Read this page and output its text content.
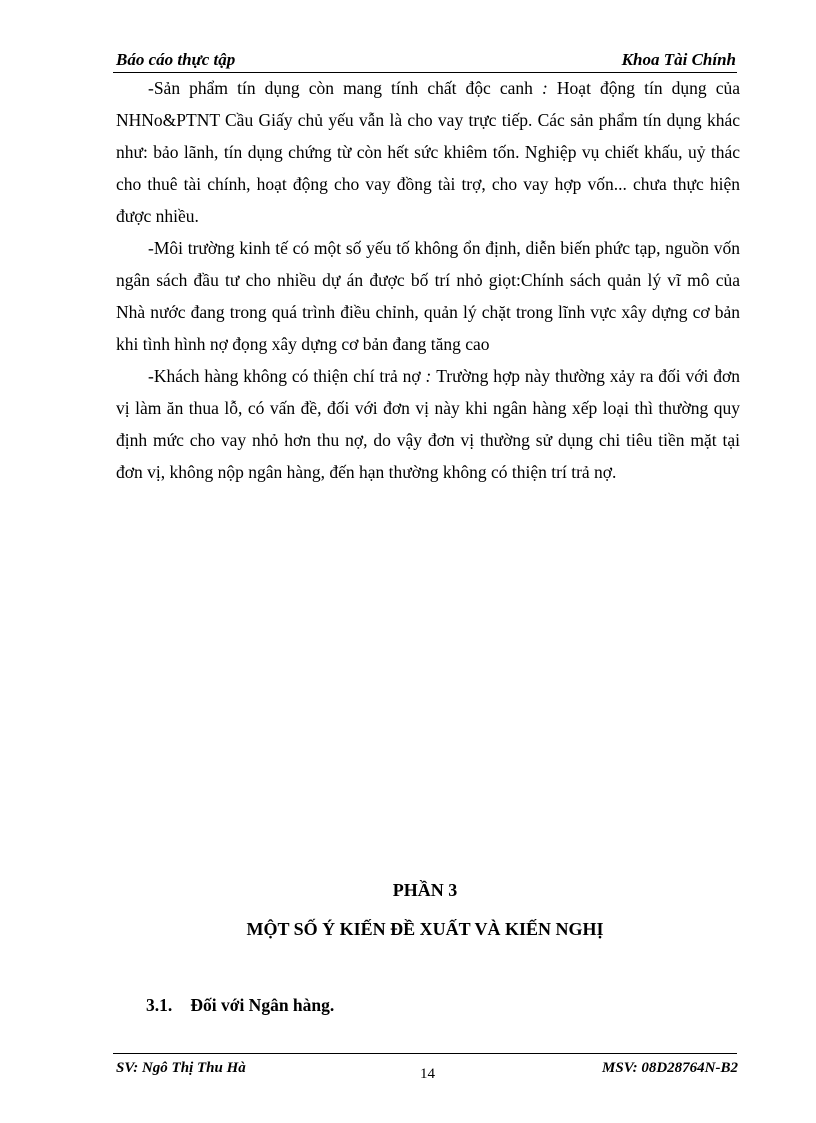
Báo cáo thực tập	Khoa Tài Chính

-Sản phẩm tín dụng còn mang tính chất độc canh : Hoạt động tín dụng của NHNo&PTNT Cầu Giấy chủ yếu vẫn là cho vay trực tiếp. Các sản phẩm tín dụng khác như: bảo lãnh, tín dụng chứng từ còn hết sức khiêm tốn. Nghiệp vụ chiết khấu, uỷ thác cho thuê tài chính, hoạt động cho vay đồng tài trợ, cho vay hợp vốn... chưa thực hiện được nhiều.

-Môi trường kinh tế có một số yếu tố không ổn định, diễn biến phức tạp, nguồn vốn ngân sách đầu tư cho nhiều dự án được bố trí nhỏ giọt:Chính sách quản lý vĩ mô của Nhà nước đang trong quá trình điều chỉnh, quản lý chặt trong lĩnh vực xây dựng cơ bản khi tình hình nợ đọng xây dựng cơ bản đang tăng cao

-Khách hàng không có thiện chí trả nợ : Trường hợp này thường xảy ra đối với đơn vị làm ăn thua lỗ, có vấn đề, đối với đơn vị này khi ngân hàng xếp loại thì thường quy định mức cho vay nhỏ hơn thu nợ, do vậy đơn vị thường sử dụng chi tiêu tiền mặt tại đơn vị, không nộp ngân hàng, đến hạn thường không có thiện trí trả nợ.

PHẦN 3
MỘT SỐ Ý KIẾN ĐỀ XUẤT VÀ KIẾN NGHỊ
3.1. Đối với Ngân hàng.
SV: Ngô Thị Thu Hà	14	MSV: 08D28764N-B2
